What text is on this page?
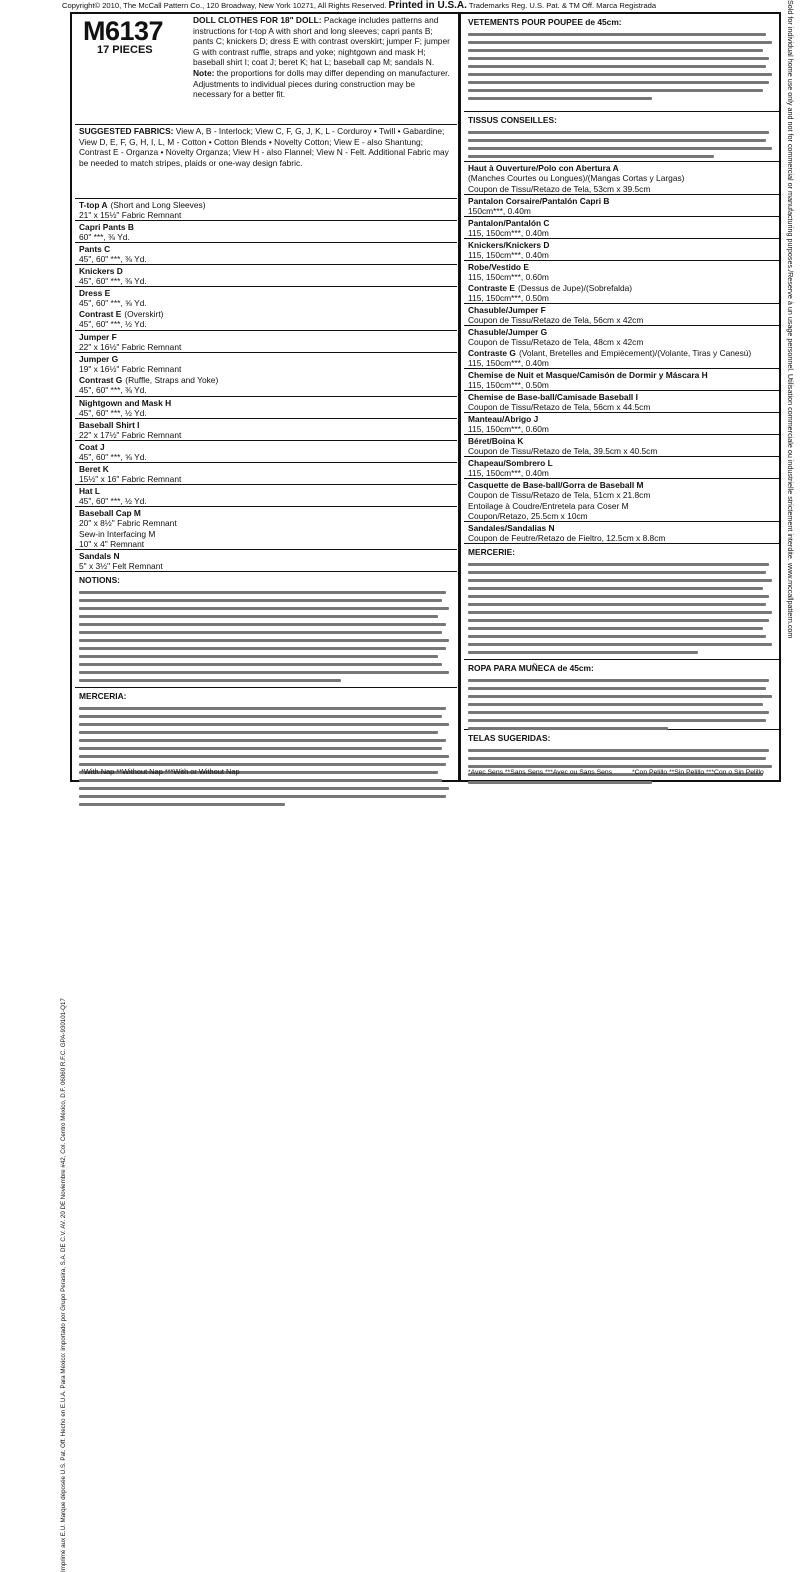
Copyright© 2010, The McCall Pattern Co., 120 Broadway, New York 10271, All Rights Reserved. Printed in U.S.A. Trademarks Reg. U.S. Pat. & TM Off. Marca Registrada
Imprimé aux E.U. Marque déposée U.S. Pat. Off. Hecho en E.U.A. Para México: importado por Grupo Perasira, S.A. DE C.V. AV. 20 DE Noviembre #42, Col. Centro México, D.F. 06060 R.F.C. GPA-930101-Q17
Sold for individual home use only and not for commercial or manufacturing purposes./Reserve à un usage personnel. Utilisation commerciale ou industrielle strictement interdite. www.mccallpattern.com
M6137
17 PIECES
DOLL CLOTHES FOR 18" DOLL: Package includes patterns and instructions for t-top A with short and long sleeves; capri pants B; pants C; knickers D; dress E with contrast overskirt; jumper F; jumper G with contrast ruffle, straps and yoke; nightgown and mask H; baseball shirt I; coat J; beret K; hat L; baseball cap M; sandals N. Note: the proportions for dolls may differ depending on manufacturer. Adjustments to individual pieces during construction may be necessary for a better fit.
SUGGESTED FABRICS: View A, B - Interlock; View C, F, G, J, K, L - Corduroy • Twill • Gabardine; View D, E, F, G, H, I, L, M - Cotton • Cotton Blends • Novelty Cotton; View E - also Shantung; Contrast E - Organza • Novelty Organza; View H - also Flannel; View N - Felt. Additional Fabric may be needed to match stripes, plaids or one-way design fabric.
T-top A (Short and Long Sleeves)
21" x 15½" Fabric Remnant
Capri Pants B
60" ***, ⅜ Yd.
Pants C
45", 60" ***, ⅜ Yd.
Knickers D
45", 60" ***, ⅜ Yd.
Dress E
45", 60" ***, ⅝ Yd.
Contrast E (Overskirt)
45", 60" ***, ½ Yd.
Jumper F
22" x 16½" Fabric Remnant
Jumper G
19" x 16½" Fabric Remnant
Contrast G (Ruffle, Straps and Yoke)
45", 60" ***, ⅜ Yd.
Nightgown and Mask H
45", 60" ***, ½ Yd.
Baseball Shirt I
22" x 17½" Fabric Remnant
Coat J
45", 60" ***, ⅝ Yd.
Beret K
15½" x 16" Fabric Remnant
Hat L
45", 60" ***, ½ Yd.
Baseball Cap M
20" x 8½" Fabric Remnant
Sew-in Interfacing M
10" x 4" Remnant
Sandals N
5" x 3½" Felt Remnant
NOTIONS:
MERCERIA:
*With Nap **Without Nap ***With or Without Nap
VETEMENTS POUR POUPEE de 45cm:
TISSUS CONSEILLES:
Haut à Ouverture/Polo con Abertura A
(Manches Courtes ou Longues)/(Mangas Cortas y Largas)
Coupon de Tissu/Retazo de Tela, 53cm x 39.5cm
Pantalon Corsaire/Pantalón Capri B
150cm***, 0.40m
Pantalon/Pantalón C
115, 150cm***, 0.40m
Knickers/Knickers D
115, 150cm***, 0.40m
Robe/Vestido E
115, 150cm***, 0.60m
Contraste E (Dessus de Jupe)/(Sobrefalda)
115, 150cm***, 0.50m
Chasuble/Jumper F
Coupon de Tissu/Retazo de Tela, 56cm x 42cm
Chasuble/Jumper G
Coupon de Tissu/Retazo de Tela, 48cm x 42cm
Contraste G (Volant, Bretelles and Empiècement)/(Volante, Tiras y Canesú)
115, 150cm***, 0.40m
Chemise de Nuit et Masque/Camisón de Dormir y Máscara H
115, 150cm***, 0.50m
Chemise de Base-ball/Camisade Baseball I
Coupon de Tissu/Retazo de Tela, 56cm x 44.5cm
Manteau/Abrigo J
115, 150cm***, 0.60m
Béret/Boina K
Coupon de Tissu/Retazo de Tela, 39.5cm x 40.5cm
Chapeau/Sombrero L
115, 150cm***, 0.40m
Casquette de Base-ball/Gorra de Baseball M
Coupon de Tissu/Retazo de Tela, 51cm x 21.8cm
Entoilage à Coudre/Entretela para Coser M
Coupon/Retazo, 25.5cm x 10cm
Sandales/Sandalias N
Coupon de Feutre/Retazo de Fieltro, 12.5cm x 8.8cm
MERCERIE:
ROPA PARA MUÑECA de 45cm:
TELAS SUGERIDAS:
*Avec Sens **Sans Sens ***Avec ou Sans Sens	*Con Pelillo **Sin Pelillo ***Con o Sin Pelillo
